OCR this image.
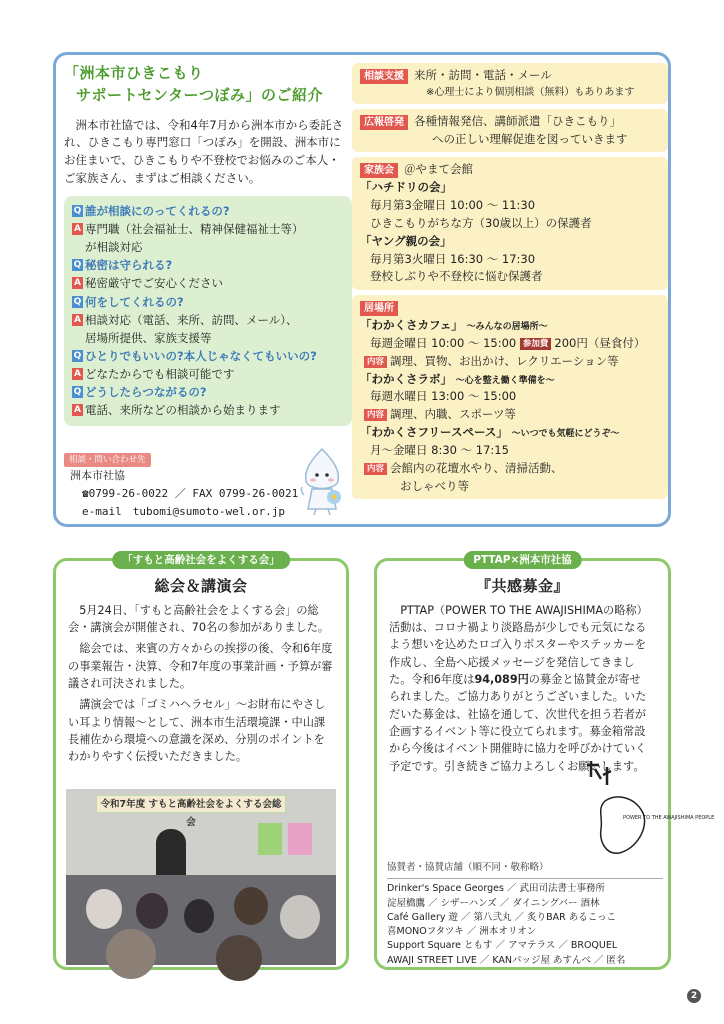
「洲本市ひきこもり
サポートセンターつぼみ」のご紹介

洲本市社協では、令和4年7月から洲本市から委託され、ひきこもり専門窓口「つぼみ」を開設、洲本市にお住まいで、ひきこもりや不登校でお悩みのご本人・ご家族さん、まずはご相談ください。

Q 誰が相談にのってくれるの?
A 専門職（社会福祉士、精神保健福祉士等）
が相談対応
Q 秘密は守られる?
A 秘密厳守でご安心ください
Q 何をしてくれるの?
A 相談対応（電話、来所、訪問、メール）、
居場所提供、家族支援等
Q ひとりでもいいの?本人じゃなくてもいいの?
A どなたからでも相談可能です
Q どうしたらつながるの?
A 電話、来所などの相談から始まります
相談・問い合わせ先
洲本市社協
☎0799-26-0022 ／ FAX 0799-26-0021
e-mail　tubomi@sumoto-wel.or.jp
相談支援 来所・訪問・電話・メール
※心理士により個別相談（無料）もありあます
広報啓発 各種情報発信、講師派遣「ひきこもり」
への正しい理解促進を図っていきます
家族会 ＠やまて会館
「ハチドリの会」
毎月第3金曜日 10:00 ～ 11:30
ひきこもりがちな方（30歳以上）の保護者
「ヤング親の会」
毎月第3火曜日 16:30 ～ 17:30
登校しぶりや不登校に悩む保護者
居場所
「わかくさカフェ」 ～みんなの居場所～
毎週金曜日 10:00 ～ 15:00 参加費 200円（昼食付）
内容 調理、買物、お出かけ、レクリエーション等
「わかくさラボ」 ～心を整え働く準備を～
毎週水曜日 13:00 ～ 15:00
内容 調理、内職、スポーツ等
「わかくさフリースペース」 ～いつでも気軽にどうぞ～
月～金曜日 8:30 ～ 17:15
内容 会館内の花壇水やり、清掃活動、
おしゃべり等
「すもと高齢社会をよくする会」
総会＆講演会

5月24日、「すもと高齢社会をよくする会」の総会・講演会が開催され、70名の参加がありました。

総会では、来賓の方々からの挨拶の後、令和6年度の事業報告・決算、令和7年度の事業計画・予算が審議され可決されました。

講演会では「ゴミハヘラセル」～お財布にやさしい耳より情報～として、洲本市生活環境課・中山課長補佐から環境への意識を深め、分別のポイントをわかりやすく伝授いただきました。

令和7年度 すもと高齢社会をよくする会総会
PTTAP×洲本市社協
『共感募金』

PTTAP（POWER TO THE AWAJISHIMAの略称）活動は、コロナ禍より淡路島が少しでも元気になるよう想いを込めたロゴ入りポスターやステッカーを作成し、全島へ応援メッセージを発信してきました。令和6年度は94,089円の募金と協賛金が寄せられました。ご協力ありがとうございました。いただいた募金は、社協を通して、次世代を担う若者が企画するイベント等に役立てられます。募金箱常設から今後はイベント開催時に協力を呼びかけていく予定です。引き続きご協力よろしくお願いします。

POWER TO THE AWAJISHIMA PEOPLE
協賛者・協賛店舗（順不同・敬称略）
Drinker's Space Georges ／ 武田司法書士事務所
淀屋橋鷹 ／ シザーハンズ ／ ダイニングバー 酒林
Café Gallery 遊 ／ 第八弐丸 ／ 炙りBAR あるこっこ
喜MONOフタツキ ／ 洲本オリオン
Support Square ともす ／ アマテラス ／ BROQUEL
AWAJI STREET LIVE ／ KANパッジ屋 あすんべ ／ 匿名
2
